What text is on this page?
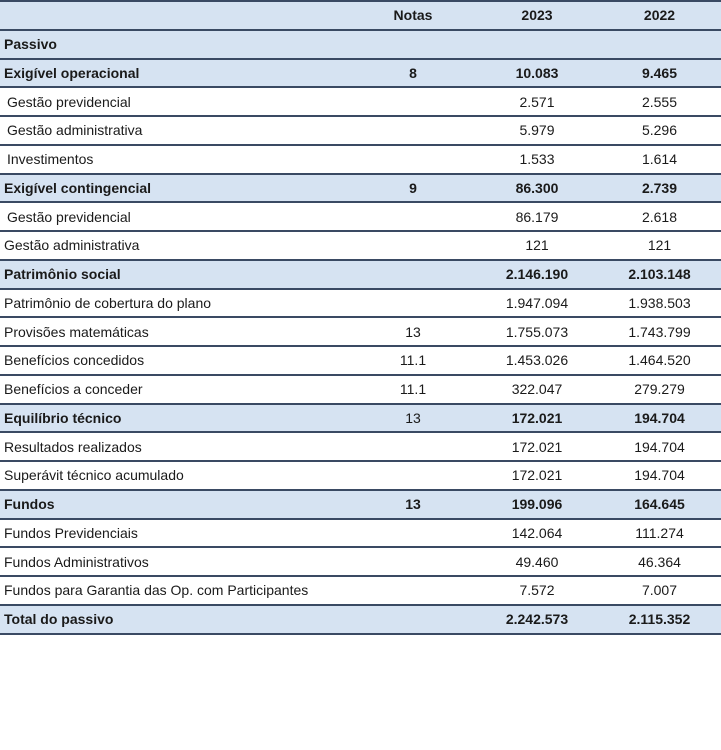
	Notas	2023	2022
Passivo			
Exigível operacional	8	10.083	9.465
Gestão previdencial		2.571	2.555
Gestão administrativa		5.979	5.296
Investimentos		1.533	1.614
Exigível contingencial	9	86.300	2.739
Gestão previdencial		86.179	2.618
Gestão administrativa		121	121
Patrimônio social		2.146.190	2.103.148
Patrimônio de cobertura do plano		1.947.094	1.938.503
Provisões matemáticas	13	1.755.073	1.743.799
Benefícios concedidos	11.1	1.453.026	1.464.520
Benefícios a conceder	11.1	322.047	279.279
Equilíbrio técnico	13	172.021	194.704
Resultados realizados		172.021	194.704
Superávit técnico acumulado		172.021	194.704
Fundos	13	199.096	164.645
Fundos Previdenciais		142.064	111.274
Fundos Administrativos		49.460	46.364
Fundos para Garantia das Op. com Participantes		7.572	7.007
Total do passivo		2.242.573	2.115.352
